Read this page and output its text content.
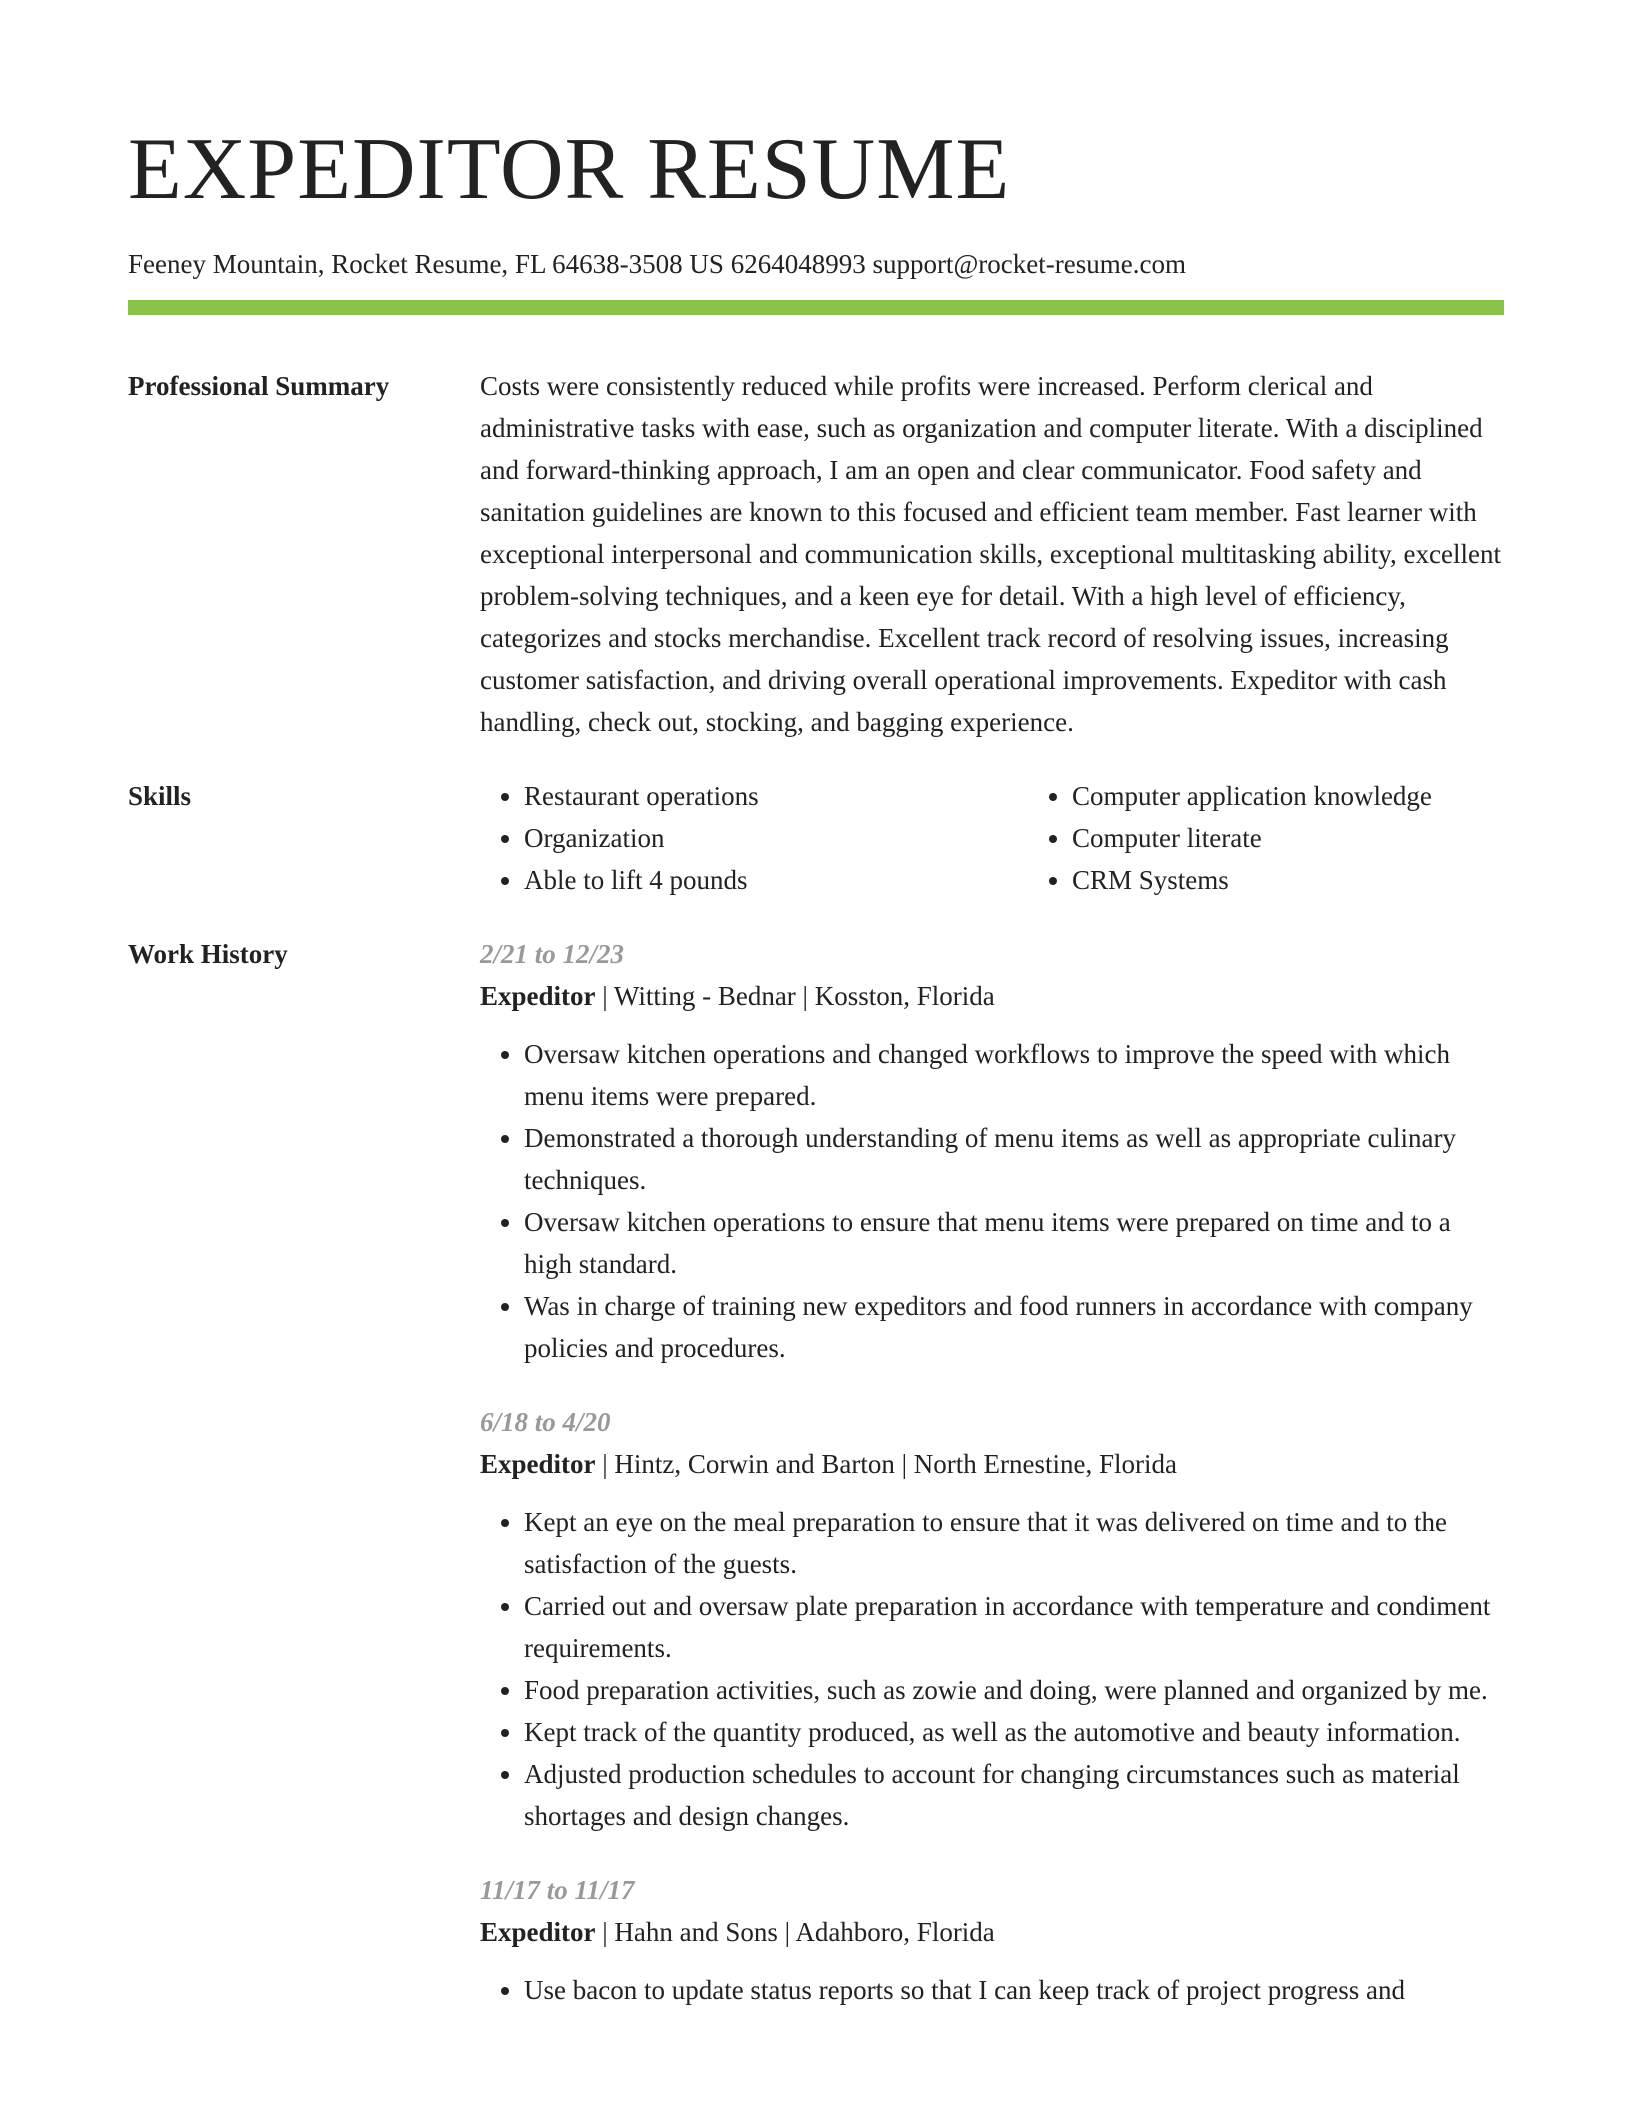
EXPEDITOR RESUME
Feeney Mountain, Rocket Resume, FL 64638-3508 US 6264048993 support@rocket-resume.com
Professional Summary	Costs were consistently reduced while profits were increased. Perform clerical and administrative tasks with ease, such as organization and computer literate. With a disciplined and forward-thinking approach, I am an open and clear communicator. Food safety and sanitation guidelines are known to this focused and efficient team member. Fast learner with exceptional interpersonal and communication skills, exceptional multitasking ability, excellent problem-solving techniques, and a keen eye for detail. With a high level of efficiency, categorizes and stocks merchandise. Excellent track record of resolving issues, increasing customer satisfaction, and driving overall operational improvements. Expeditor with cash handling, check out, stocking, and bagging experience.
Skills
•	Restaurant operations
• Organization
• Able to lift 4 pounds
• Computer application knowledge
• Computer literate
• CRM Systems
Work History	2/21 to 12/23
Expeditor | Witting - Bednar | Kosston, Florida
• Oversaw kitchen operations and changed workflows to improve the speed with which menu items were prepared.
• Demonstrated a thorough understanding of menu items as well as appropriate culinary techniques.
• Oversaw kitchen operations to ensure that menu items were prepared on time and to a high standard.
• Was in charge of training new expeditors and food runners in accordance with company policies and procedures.
6/18 to 4/20
Expeditor | Hintz, Corwin and Barton | North Ernestine, Florida
• Kept an eye on the meal preparation to ensure that it was delivered on time and to the satisfaction of the guests.
• Carried out and oversaw plate preparation in accordance with temperature and condiment requirements.
• Food preparation activities, such as zowie and doing, were planned and organized by me.
• Kept track of the quantity produced, as well as the automotive and beauty information.
• Adjusted production schedules to account for changing circumstances such as material shortages and design changes.
11/17 to 11/17
Expeditor | Hahn and Sons | Adahboro, Florida
• Use bacon to update status reports so that I can keep track of project progress and
